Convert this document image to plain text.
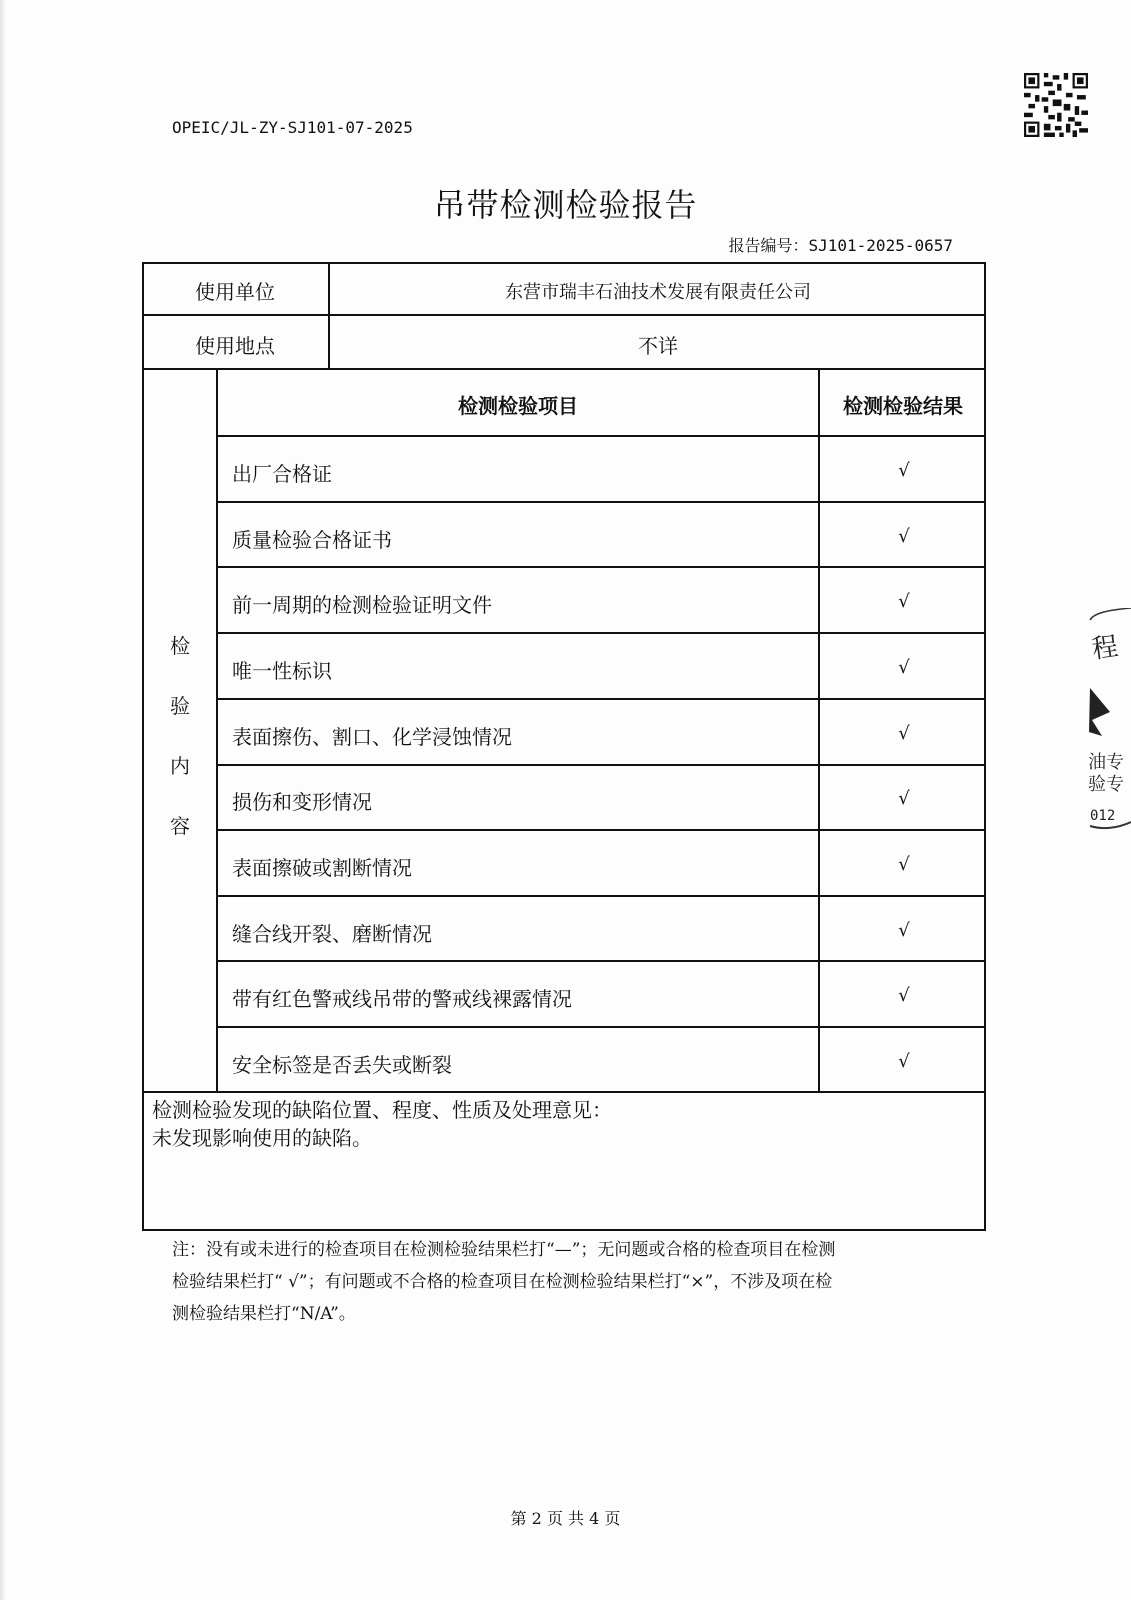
OPEIC/JL-ZY-SJ101-07-2025
吊带检测检验报告
报告编号：SJ101-2025-0657
使用单位	东营市瑞丰石油技术发展有限责任公司
使用地点	不详
检测检验项目	检测检验结果
检
验
内
容
出厂合格证	√
质量检验合格证书	√
前一周期的检测检验证明文件	√
唯一性标识	√
表面擦伤、割口、化学浸蚀情况	√
损伤和变形情况	√
表面擦破或割断情况	√
缝合线开裂、磨断情况	√
带有红色警戒线吊带的警戒线裸露情况	√
安全标签是否丢失或断裂	√
检测检验发现的缺陷位置、程度、性质及处理意见：
未发现影响使用的缺陷。
注：没有或未进行的检查项目在检测检验结果栏打“—”；无问题或合格的检查项目在检测
检验结果栏打“ √”；有问题或不合格的检查项目在检测检验结果栏打“×”，不涉及项在检
测检验结果栏打“N/A”。
第 2 页 共 4 页
程
油专
验专
012
